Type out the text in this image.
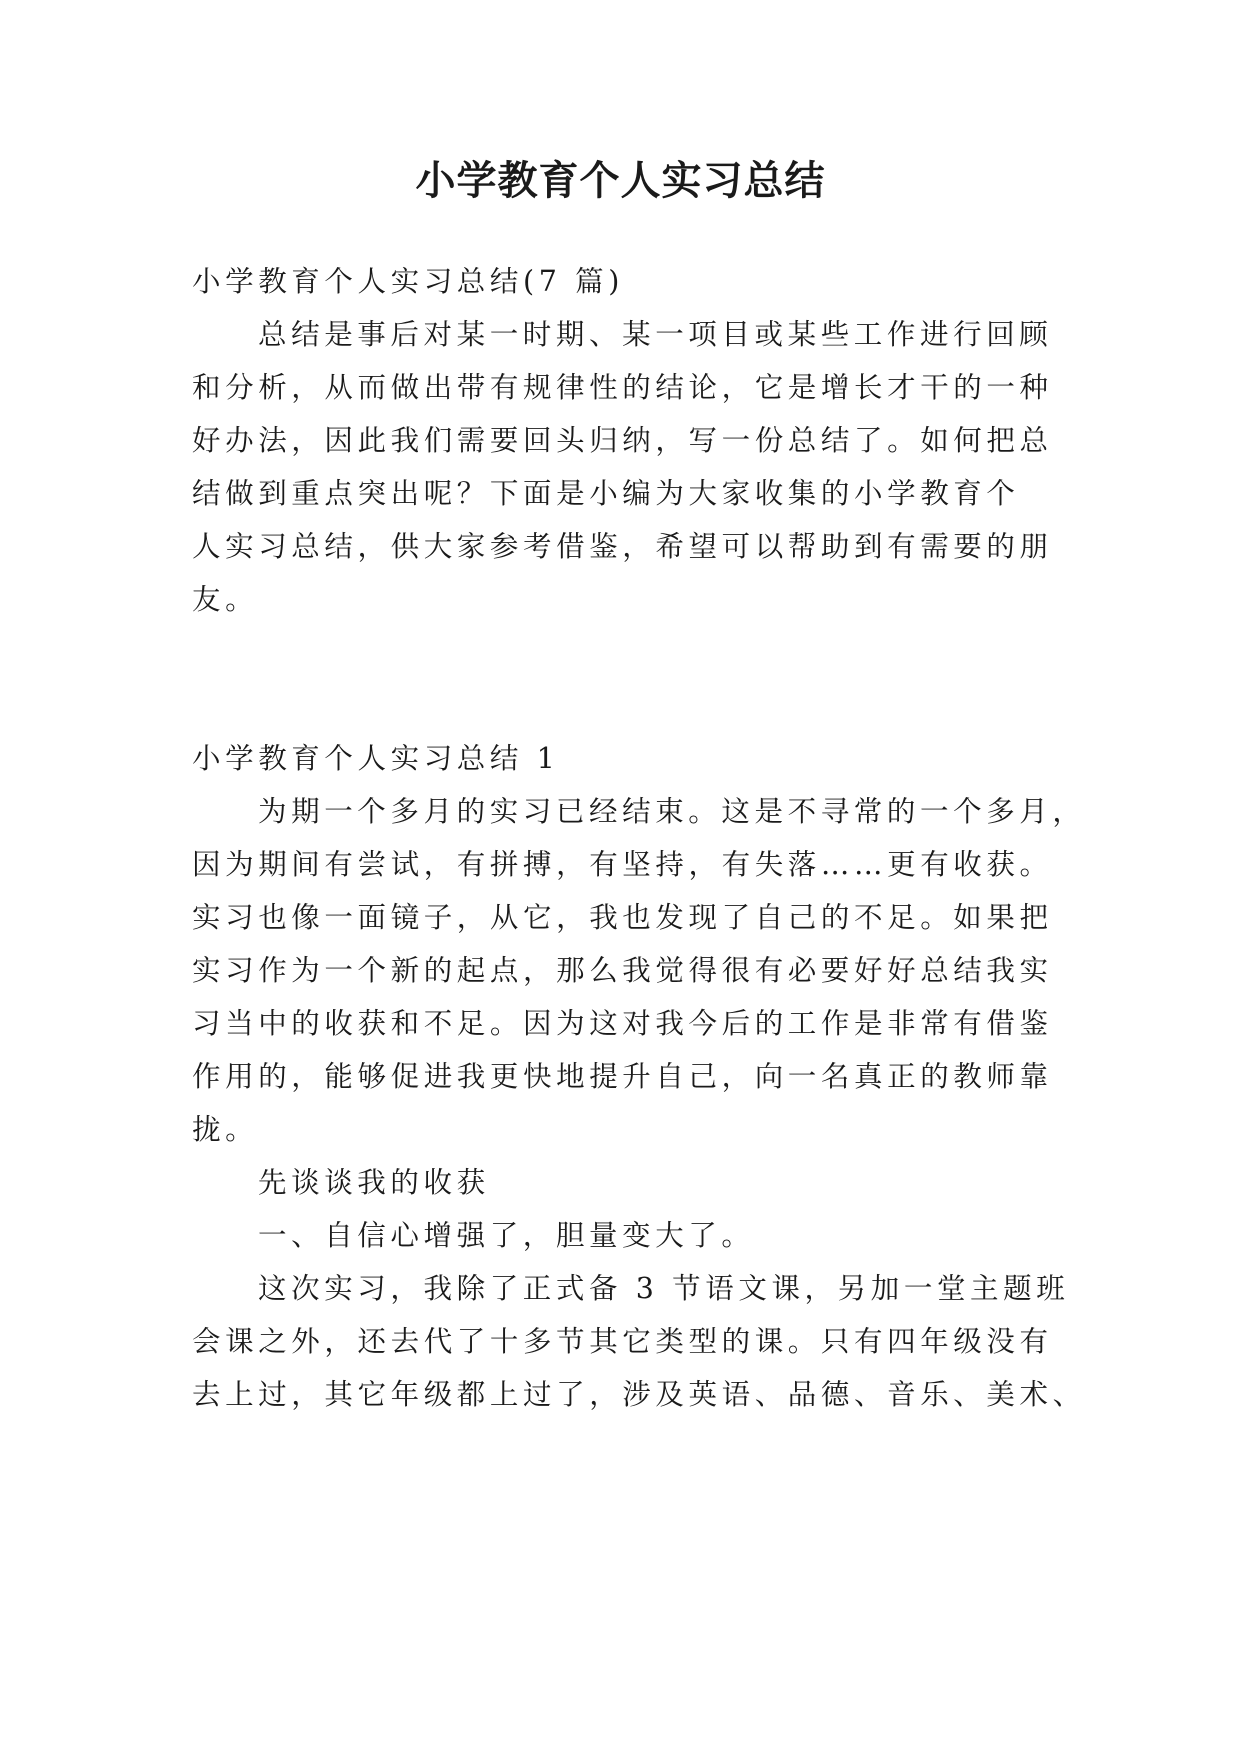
小学教育个人实习总结

小学教育个人实习总结(7 篇)

总结是事后对某一时期、某一项目或某些工作进行回顾

和分析，从而做出带有规律性的结论，它是增长才干的一种

好办法，因此我们需要回头归纳，写一份总结了。如何把总

结做到重点突出呢？下面是小编为大家收集的小学教育个

人实习总结，供大家参考借鉴，希望可以帮助到有需要的朋

友。

小学教育个人实习总结 1

为期一个多月的实习已经结束。这是不寻常的一个多月，

因为期间有尝试，有拼搏，有坚持，有失落……更有收获。

实习也像一面镜子，从它，我也发现了自己的不足。如果把

实习作为一个新的起点，那么我觉得很有必要好好总结我实

习当中的收获和不足。因为这对我今后的工作是非常有借鉴

作用的，能够促进我更快地提升自己，向一名真正的教师靠

拢。

先谈谈我的收获

一、自信心增强了，胆量变大了。

这次实习，我除了正式备 3 节语文课，另加一堂主题班

会课之外，还去代了十多节其它类型的课。只有四年级没有

去上过，其它年级都上过了，涉及英语、品德、音乐、美术、
